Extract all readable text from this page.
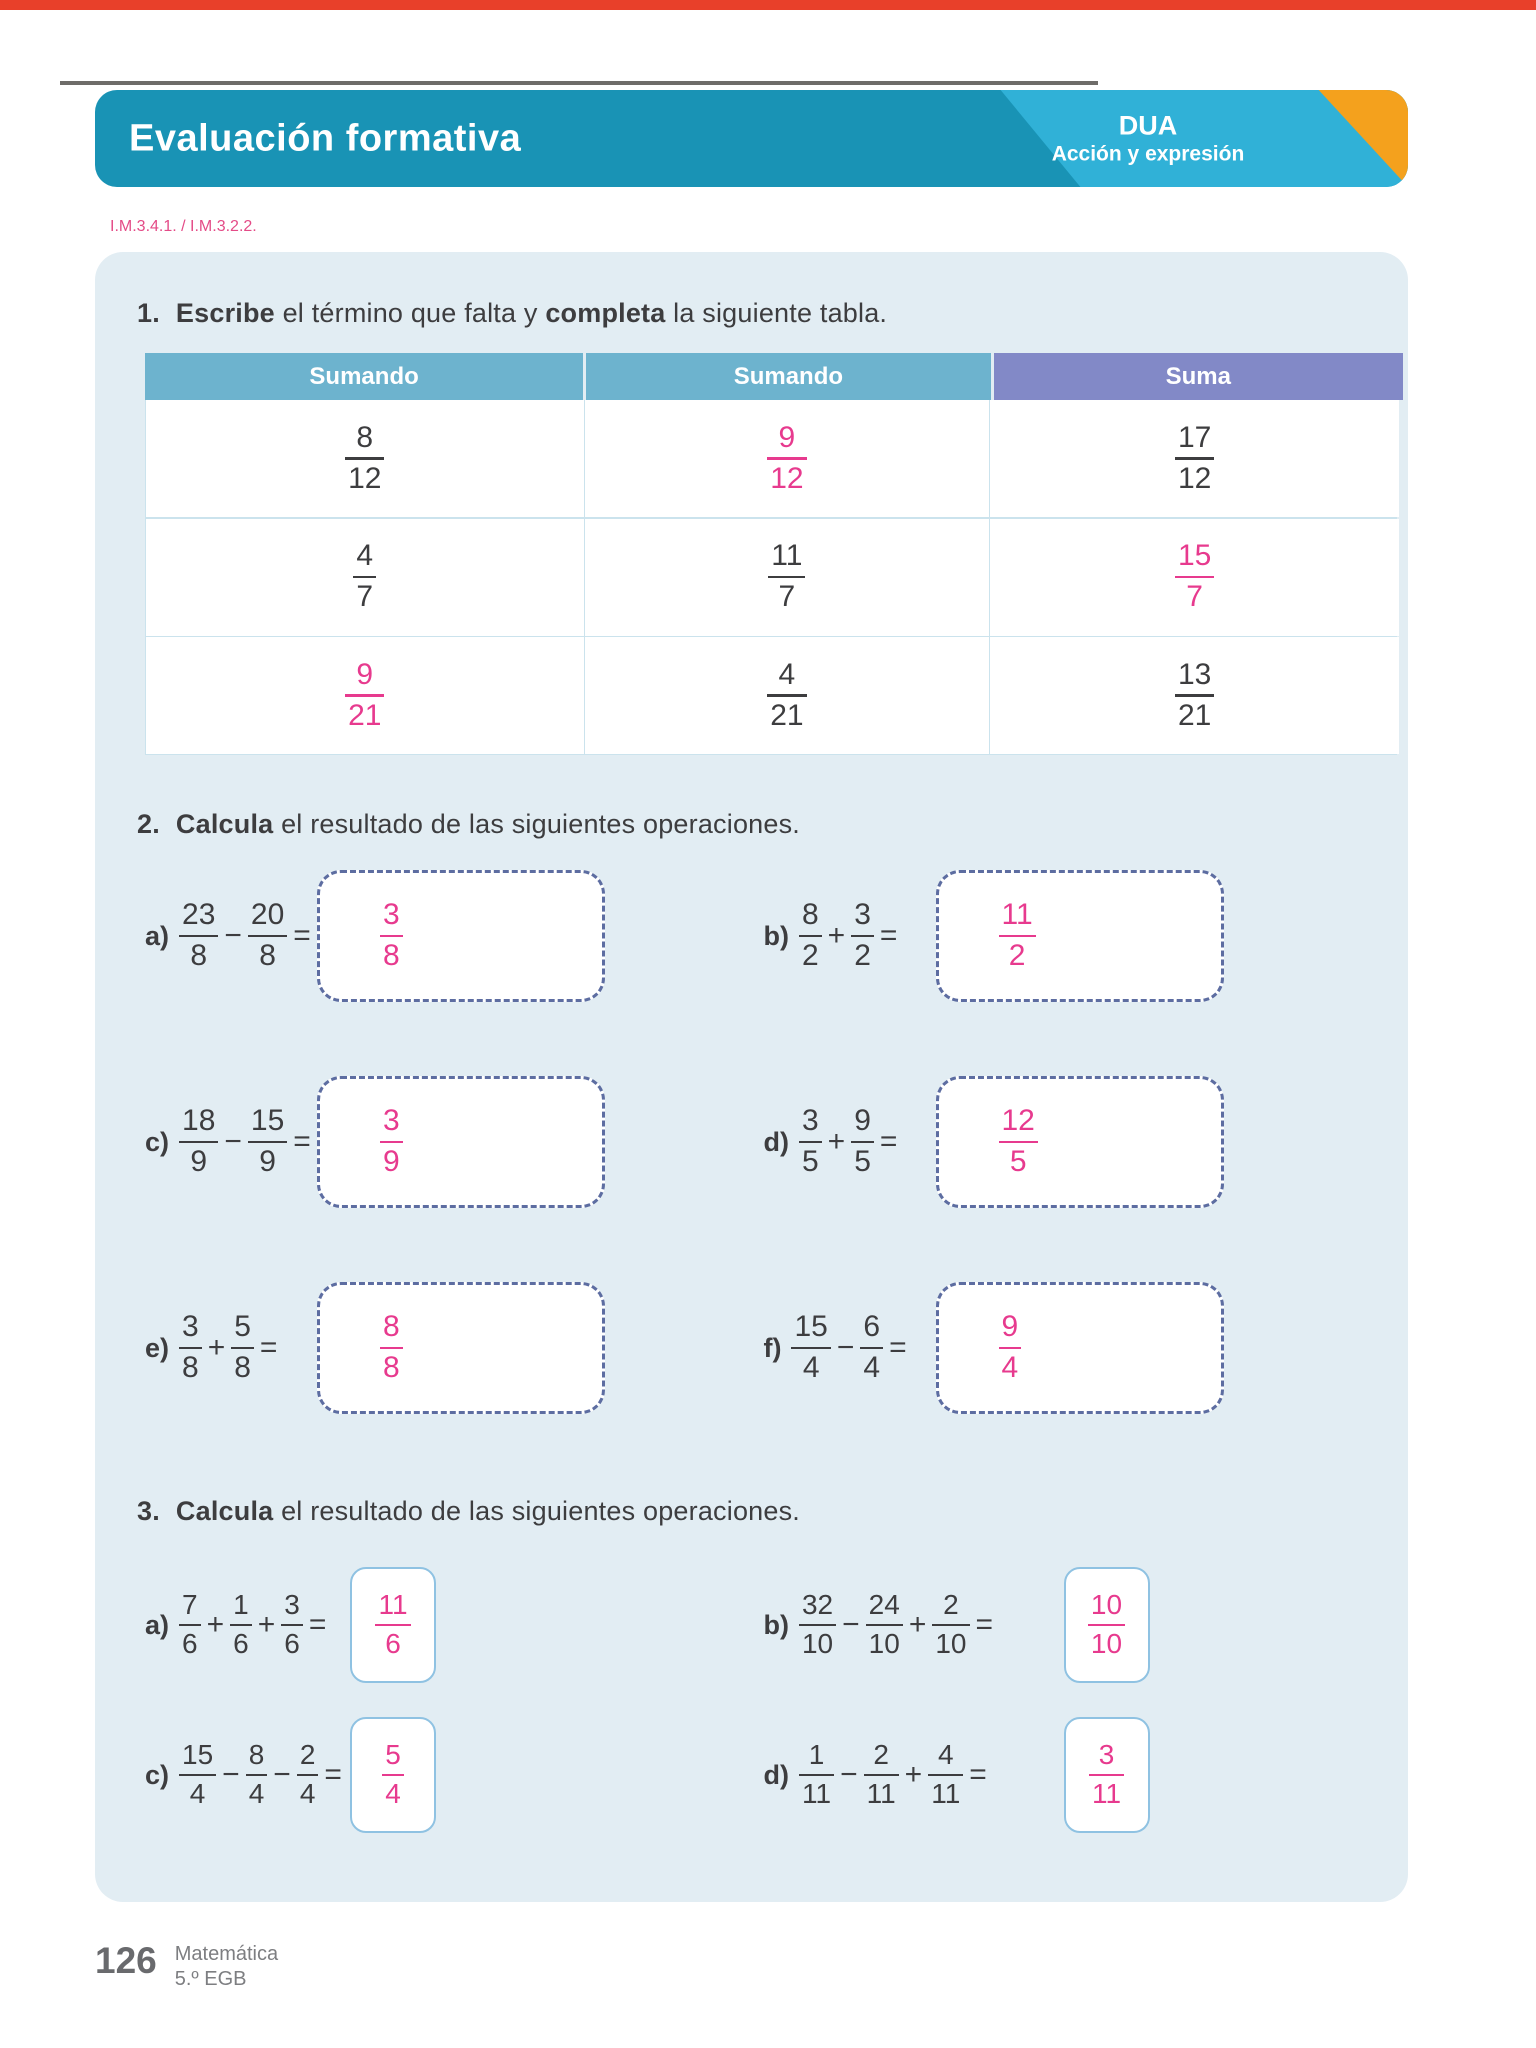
Evaluación formativa	DUA
Acción y expresión
I.M.3.4.1. / I.M.3.2.2.

1. Escribe el término que falta y completa la siguiente tabla.

Sumando	Sumando	Suma
$\frac{8}{12}$	$\frac{9}{12}$	$\frac{17}{12}$
$\frac{4}{7}$	$\frac{11}{7}$	$\frac{15}{7}$
$\frac{9}{21}$	$\frac{4}{21}$	$\frac{13}{21}$

2. Calcula el resultado de las siguientes operaciones.

$a) \frac{23}{8} - \frac{20}{8} = \frac{3}{8}$	$b) \frac{8}{2} + \frac{3}{2}$ =	$\frac{11}{2}$
$c) \frac{18}{9} - \frac{15}{9} = \frac{3}{9}$	$d) \frac{3}{5} + \frac{9}{5}$ =	$\frac{12}{5}$
$e) \frac{3}{8} + \frac{5}{8}$ =	$\frac{8}{8}$	$f) \frac{15}{4} - \frac{6}{4}$ =	$\frac{9}{4}$

3. Calcula el resultado de las siguientes operaciones.

$a) \frac{7}{6} + \frac{1}{6} + \frac{3}{6} = \frac{11}{6}$	$b) \frac{32}{10} - \frac{24}{10} + \frac{2}{10}$ =	$\frac{10}{10}$
$c) \frac{15}{4} - \frac{8}{4} - \frac{2}{4} = \frac{5}{4}$	$d) \frac{1}{11} - \frac{2}{11} + \frac{4}{11}$ =	$\frac{3}{11}$
126 Matemática
5.º EGB
